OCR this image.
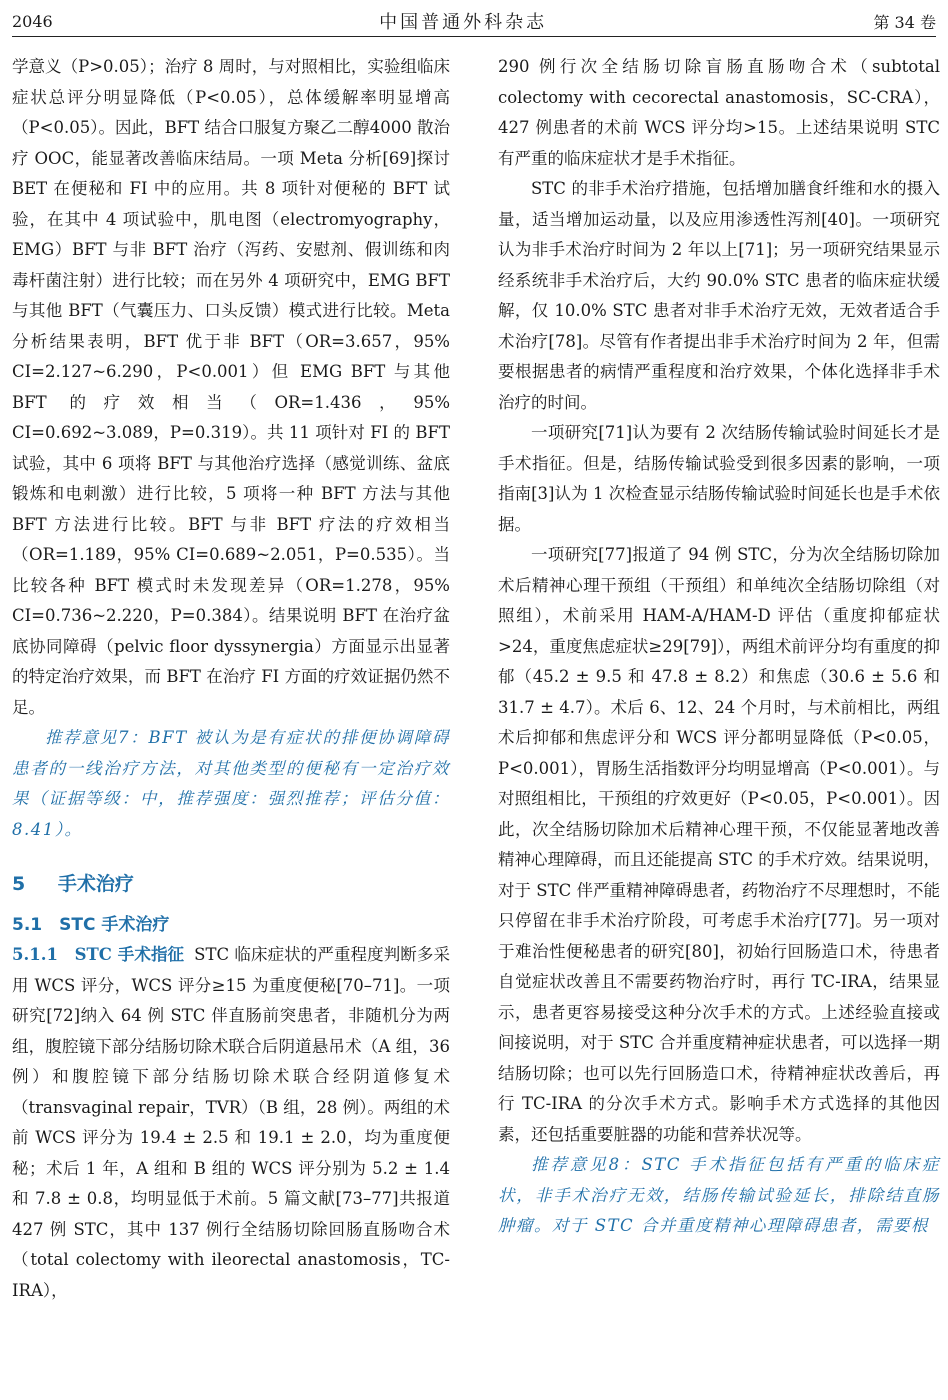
2046	中国普通外科杂志	第 34 卷

学意义（P>0.05）；治疗 8 周时，与对照相比，实验组临床症状总评分明显降低（P<0.05），总体缓解率明显增高（P<0.05）。因此，BFT 结合口服复方聚乙二醇4000 散治疗 OOC，能显著改善临床结局。一项 Meta 分析[69]探讨 BET 在便秘和 FI 中的应用。共 8 项针对便秘的 BFT 试验，在其中 4 项试验中，肌电图（electromyography，EMG）BFT 与非 BFT 治疗（泻药、安慰剂、假训练和肉毒杆菌注射）进行比较；而在另外 4 项研究中，EMG BFT 与其他 BFT（气囊压力、口头反馈）模式进行比较。Meta 分析结果表明，BFT 优于非 BFT（OR=3.657，95% CI=2.127~6.290，P<0.001）但 EMG BFT 与其他 BFT 的疗效相当（OR=1.436，95% CI=0.692~3.089，P=0.319）。共 11 项针对 FI 的 BFT 试验，其中 6 项将 BFT 与其他治疗选择（感觉训练、盆底锻炼和电刺激）进行比较，5 项将一种 BFT 方法与其他 BFT 方法进行比较。BFT 与非 BFT 疗法的疗效相当（OR=1.189，95% CI=0.689~2.051，P=0.535）。当比较各种 BFT 模式时未发现差异（OR=1.278，95% CI=0.736~2.220，P=0.384）。结果说明 BFT 在治疗盆底协同障碍（pelvic floor dyssynergia）方面显示出显著的特定治疗效果，而 BFT 在治疗 FI 方面的疗效证据仍然不足。

推荐意见7：BFT 被认为是有症状的排便协调障碍患者的一线治疗方法，对其他类型的便秘有一定治疗效果（证据等级：中，推荐强度：强烈推荐；评估分值：8.41）。

5 手术治疗
5.1　STC 手术治疗

5.1.1　STC 手术指征 STC 临床症状的严重程度判断多采用 WCS 评分，WCS 评分≥15 为重度便秘[70–71]。一项研究[72]纳入 64 例 STC 伴直肠前突患者，非随机分为两组，腹腔镜下部分结肠切除术联合后阴道悬吊术（A 组，36 例）和腹腔镜下部分结肠切除术联合经阴道修复术（transvaginal repair，TVR）（B 组，28 例）。两组的术前 WCS 评分为 19.4 ± 2.5 和 19.1 ± 2.0，均为重度便秘；术后 1 年，A 组和 B 组的 WCS 评分别为 5.2 ± 1.4 和 7.8 ± 0.8，均明显低于术前。5 篇文献[73–77]共报道 427 例 STC，其中 137 例行全结肠切除回肠直肠吻合术（total colectomy with ileorectal anastomosis，TC-IRA），

290 例行次全结肠切除盲肠直肠吻合术（subtotal colectomy with cecorectal anastomosis，SC-CRA），427 例患者的术前 WCS 评分均>15。上述结果说明 STC 有严重的临床症状才是手术指征。

STC 的非手术治疗措施，包括增加膳食纤维和水的摄入量，适当增加运动量，以及应用渗透性泻剂[40]。一项研究认为非手术治疗时间为 2 年以上[71]；另一项研究结果显示经系统非手术治疗后，大约 90.0% STC 患者的临床症状缓解，仅 10.0% STC 患者对非手术治疗无效，无效者适合手术治疗[78]。尽管有作者提出非手术治疗时间为 2 年，但需要根据患者的病情严重程度和治疗效果，个体化选择非手术治疗的时间。

一项研究[71]认为要有 2 次结肠传输试验时间延长才是手术指征。但是，结肠传输试验受到很多因素的影响，一项指南[3]认为 1 次检查显示结肠传输试验时间延长也是手术依据。

一项研究[77]报道了 94 例 STC，分为次全结肠切除加术后精神心理干预组（干预组）和单纯次全结肠切除组（对照组），术前采用 HAM-A/HAM-D 评估（重度抑郁症状>24，重度焦虑症状≥29[79]），两组术前评分均有重度的抑郁（45.2 ± 9.5 和 47.8 ± 8.2）和焦虑（30.6 ± 5.6 和 31.7 ± 4.7）。术后 6、12、24 个月时，与术前相比，两组术后抑郁和焦虑评分和 WCS 评分都明显降低（P<0.05，P<0.001），胃肠生活指数评分均明显增高（P<0.001）。与对照组相比，干预组的疗效更好（P<0.05，P<0.001）。因此，次全结肠切除加术后精神心理干预，不仅能显著地改善精神心理障碍，而且还能提高 STC 的手术疗效。结果说明，对于 STC 伴严重精神障碍患者，药物治疗不尽理想时，不能只停留在非手术治疗阶段，可考虑手术治疗[77]。另一项对于难治性便秘患者的研究[80]，初始行回肠造口术，待患者自觉症状改善且不需要药物治疗时，再行 TC-IRA，结果显示，患者更容易接受这种分次手术的方式。上述经验直接或间接说明，对于 STC 合并重度精神症状患者，可以选择一期结肠切除；也可以先行回肠造口术，待精神症状改善后，再行 TC-IRA 的分次手术方式。影响手术方式选择的其他因素，还包括重要脏器的功能和营养状况等。

推荐意见8：STC 手术指征包括有严重的临床症状，非手术治疗无效，结肠传输试验延长，排除结直肠肿瘤。对于 STC 合并重度精神心理障碍患者，需要根
